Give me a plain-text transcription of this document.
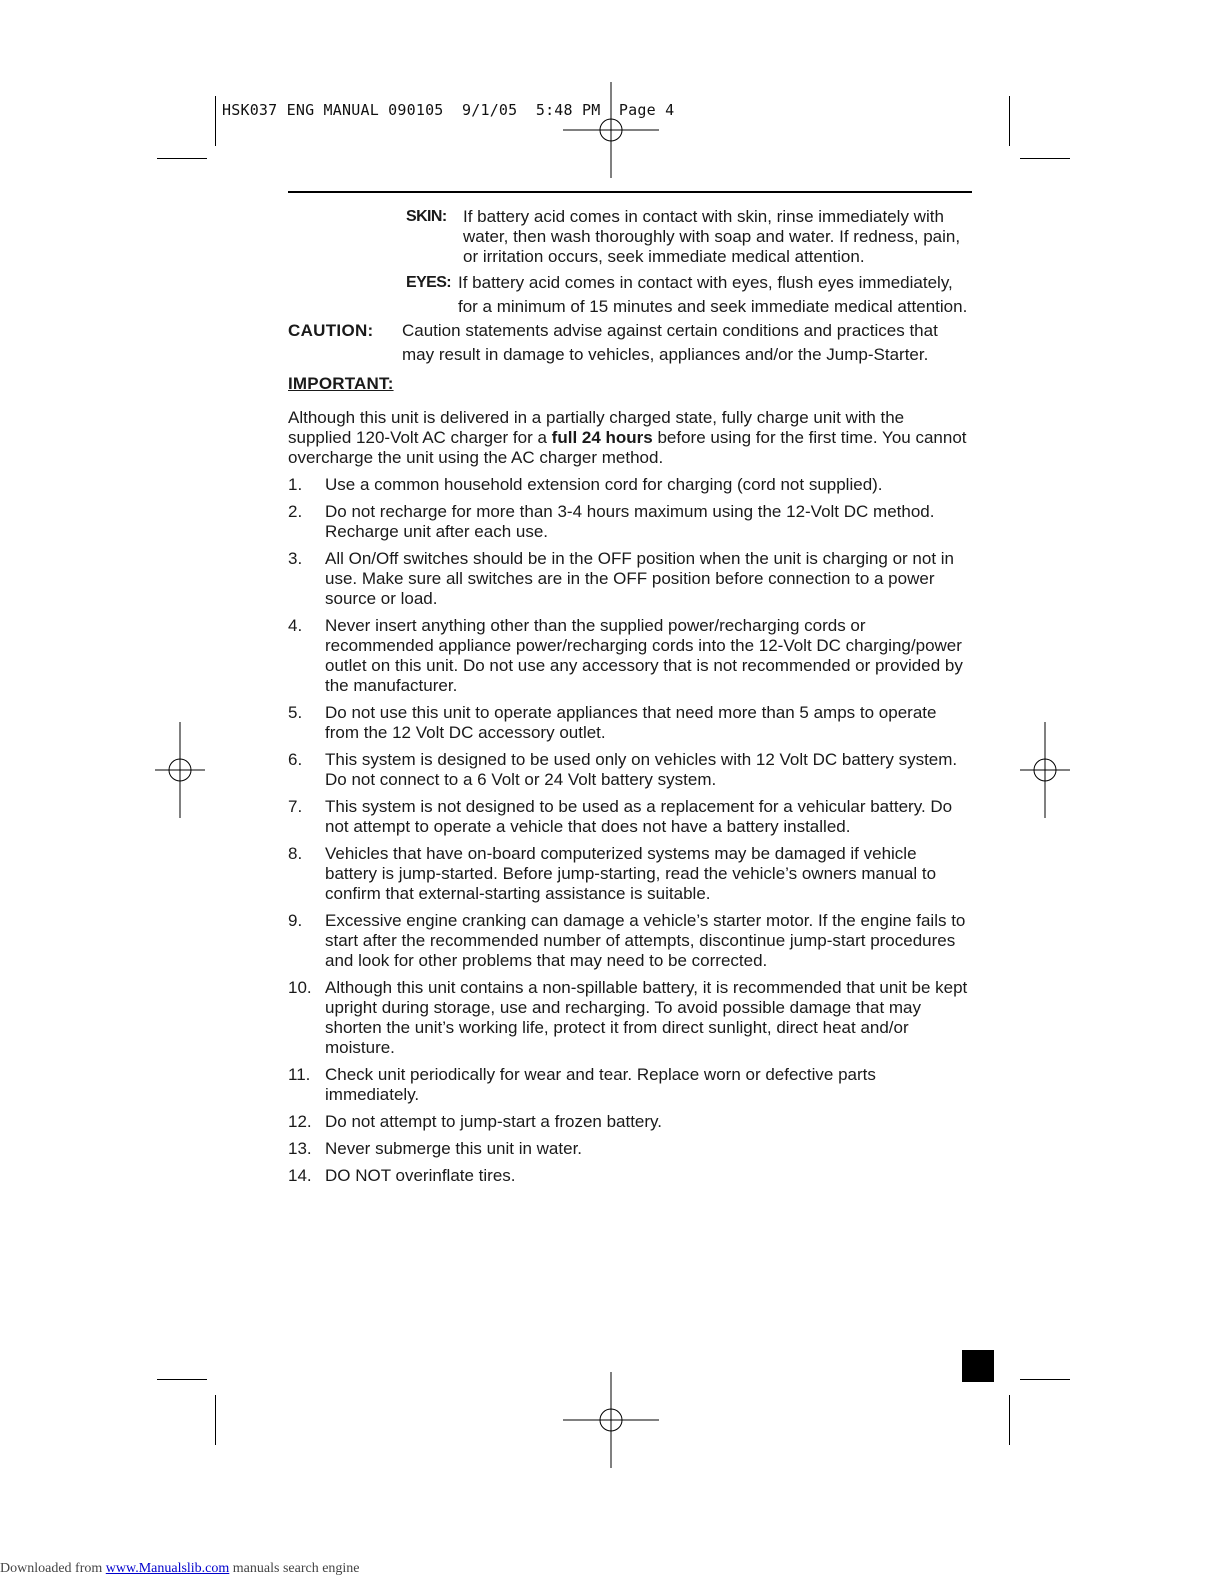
HSK037 ENG MANUAL 090105  9/1/05  5:48 PM  Page 4
SKIN: If battery acid comes in contact with skin, rinse immediately with water, then wash thoroughly with soap and water. If redness, pain, or irritation occurs, seek immediate medical attention.
EYES: If battery acid comes in contact with eyes, flush eyes immediately, for a minimum of 15 minutes and seek immediate medical attention.
CAUTION:	Caution statements advise against certain conditions and practices that may result in damage to vehicles, appliances and/or the Jump-Starter.
IMPORTANT:

Although this unit is delivered in a partially charged state, fully charge unit with the supplied 120-Volt AC charger for a full 24 hours before using for the first time. You cannot overcharge the unit using the AC charger method.

1.	Use a common household extension cord for charging (cord not supplied).
2.	Do not recharge for more than 3-4 hours maximum using the 12-Volt DC method. Recharge unit after each use.
3.	All On/Off switches should be in the OFF position when the unit is charging or not in use. Make sure all switches are in the OFF position before connection to a power source or load.
4.	Never insert anything other than the supplied power/recharging cords or recommended appliance power/recharging cords into the 12-Volt DC charging/power outlet on this unit. Do not use any accessory that is not recommended or provided by the manufacturer.
5.	Do not use this unit to operate appliances that need more than 5 amps to operate from the 12 Volt DC accessory outlet.
6.	This system is designed to be used only on vehicles with 12 Volt DC battery system. Do not connect to a 6 Volt or 24 Volt battery system.
7.	This system is not designed to be used as a replacement for a vehicular battery. Do not attempt to operate a vehicle that does not have a battery installed.
8.	Vehicles that have on-board computerized systems may be damaged if vehicle battery is jump-started. Before jump-starting, read the vehicle’s owners manual to confirm that external-starting assistance is suitable.
9.	Excessive engine cranking can damage a vehicle’s starter motor. If the engine fails to start after the recommended number of attempts, discontinue jump-start procedures and look for other problems that may need to be corrected.
10. Although this unit contains a non-spillable battery, it is recommended that unit be kept upright during storage, use and recharging. To avoid possible damage that may shorten the unit’s working life, protect it from direct sunlight, direct heat and/or moisture.
11. Check unit periodically for wear and tear. Replace worn or defective parts immediately.
12. Do not attempt to jump-start a frozen battery.
13. Never submerge this unit in water.
14. DO NOT overinflate tires.
Downloaded from www.Manualslib.com manuals search engine
